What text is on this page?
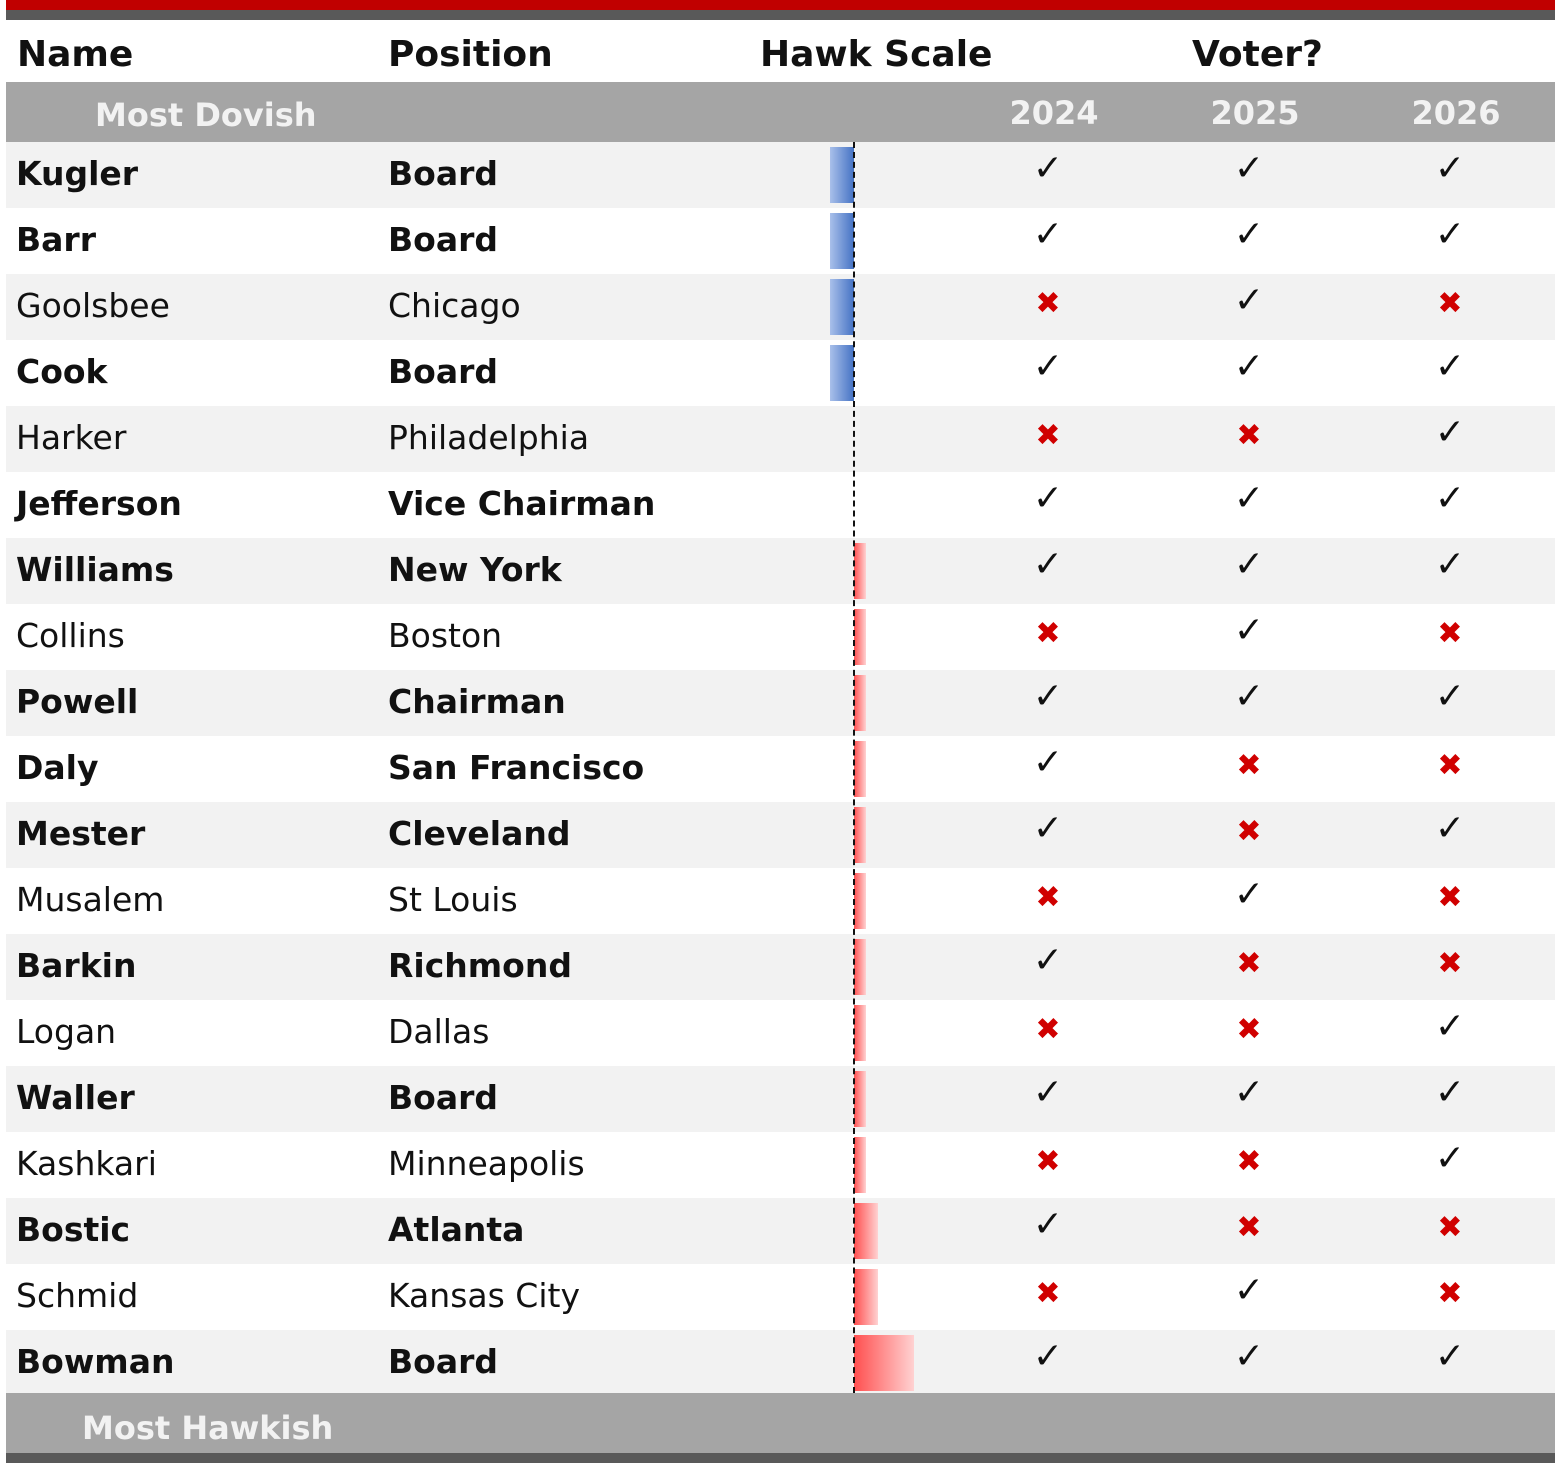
Name	Position	Hawk Scale	Voter?
Most Dovish	2024	2025	2026
Kugler	Board	✓	✓	✓
Barr	Board	✓	✓	✓
Goolsbee	Chicago	✖	✓	✖
Cook	Board	✓	✓	✓
Harker	Philadelphia	✖	✖	✓
Jefferson	Vice Chairman	✓	✓	✓
Williams	New York	✓	✓	✓
Collins	Boston	✖	✓	✖
Powell	Chairman	✓	✓	✓
Daly	San Francisco	✓	✖	✖
Mester	Cleveland	✓	✖	✓
Musalem	St Louis	✖	✓	✖
Barkin	Richmond	✓	✖	✖
Logan	Dallas	✖	✖	✓
Waller	Board	✓	✓	✓
Kashkari	Minneapolis	✖	✖	✓
Bostic	Atlanta	✓	✖	✖
Schmid	Kansas City	✖	✓	✖
Bowman	Board	✓	✓	✓
Most Hawkish
